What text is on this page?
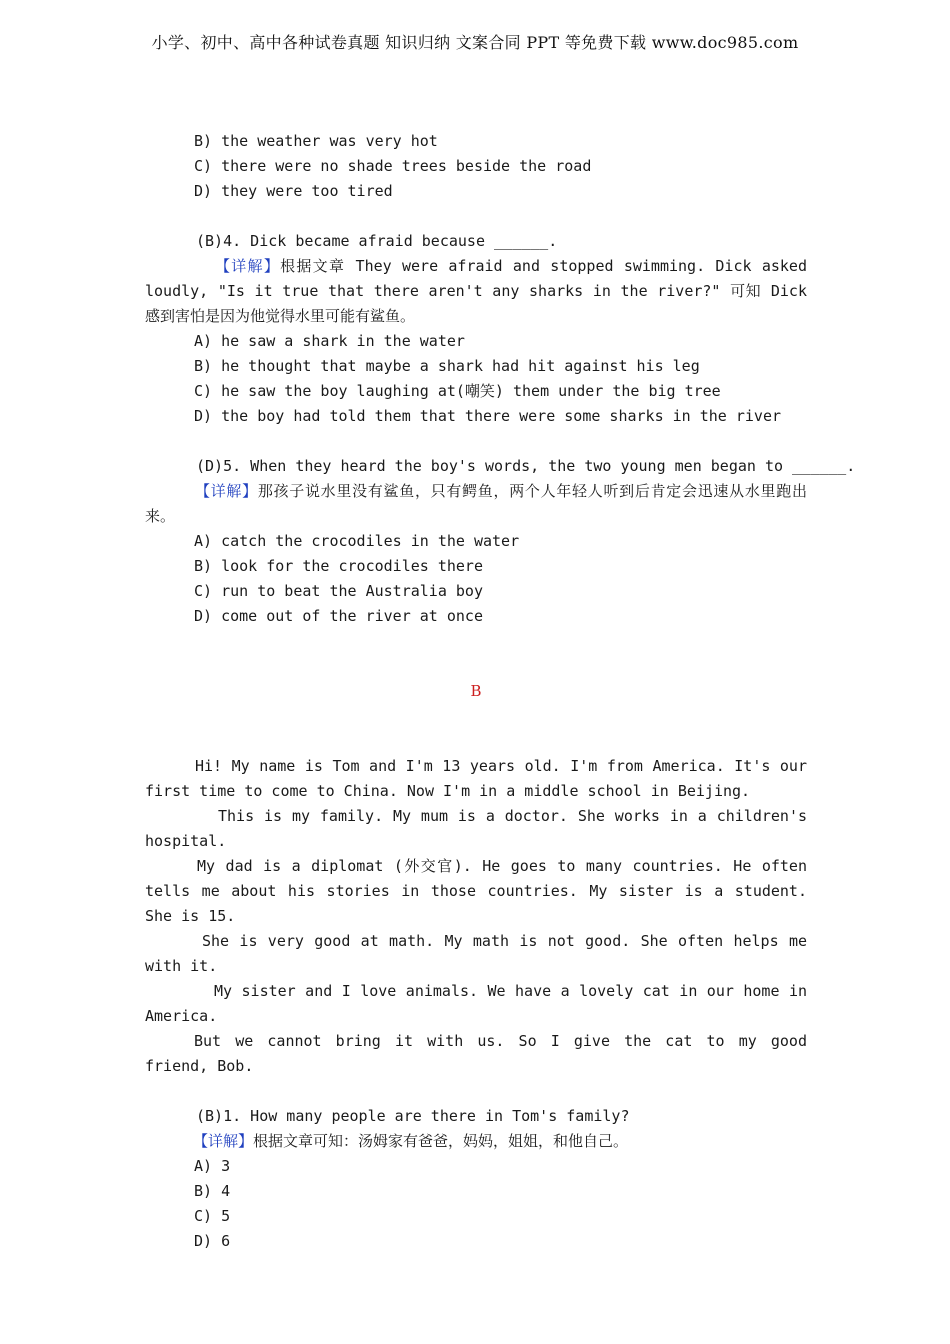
小学、初中、高中各种试卷真题 知识归纳 文案合同 PPT 等免费下载 www.doc985.com
B) the weather was very hot
C) there were no shade trees beside the road
D) they were too tired
(B)4. Dick became afraid because ______.
【详解】根据文章 They were afraid and stopped swimming. Dick asked loudly, "Is it true that there aren't any sharks in the river?" 可知 Dick 感到害怕是因为他觉得水里可能有鲨鱼。
A) he saw a shark in the water
B) he thought that maybe a shark had hit against his leg
C) he saw the boy laughing at(嘲笑) them under the big tree
D) the boy had told them that there were some sharks in the river
(D)5. When they heard the boy's words, the two young men began to ______.
【详解】那孩子说水里没有鲨鱼，只有鳄鱼，两个人年轻人听到后肯定会迅速从水里跑出来。
A) catch the crocodiles in the water
B) look for the crocodiles there
C) run to beat the Australia boy
D) come out of the river at once
B
Hi! My name is Tom and I'm 13 years old. I'm from America. It's our first time to come to China. Now I'm in a middle school in Beijing.
This is my family. My mum is a doctor. She works in a children's hospital.
My dad is a diplomat (外交官). He goes to many countries. He often tells me about his stories in those countries. My sister is a student. She is 15.
She is very good at math. My math is not good. She often helps me with it.
My sister and I love animals. We have a lovely cat in our home in America.
But we cannot bring it with us. So I give the cat to my good friend, Bob.
(B)1. How many people are there in Tom's family?
【详解】根据文章可知：汤姆家有爸爸，妈妈，姐姐，和他自己。
A) 3
B) 4
C) 5
D) 6
